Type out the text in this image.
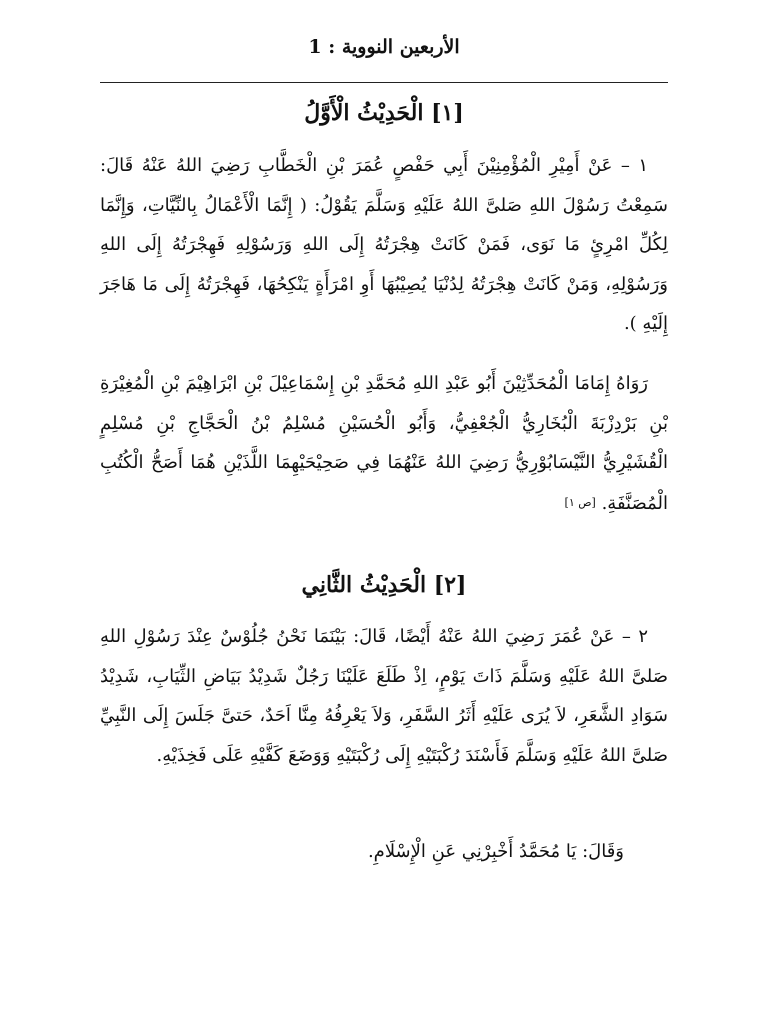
الأربعين النووية : 1
[١] الْحَدِيْثُ الْأَوَّلُ

١ – عَنْ أَمِيْرِ الْمُؤْمِنِيْنَ أَبِي حَفْصٍ عُمَرَ بْنِ الْخَطَّابِ رَضِيَ اللهُ عَنْهُ قَالَ: سَمِعْتُ رَسُوْلَ اللهِ صَلىَّ اللهُ عَلَيْهِ وَسَلَّمَ يَقُوْلُ: ( إِنَّمَا الْأَعْمَالُ بِالنِّيَّاتِ، وَإِنَّمَا لِكُلِّ امْرِئٍ مَا نَوَى، فَمَنْ كَانَتْ هِجْرَتُهُ إِلَى اللهِ وَرَسُوْلِهِ فَهِجْرَتُهُ إِلَى اللهِ وَرَسُوْلِهِ، وَمَنْ كَانَتْ هِجْرَتُهُ لِدُنْيَا يُصِيْبُهَا أَوِ امْرَأَةٍ يَنْكِحُهَا، فَهِجْرَتُهُ إِلَى مَا هَاجَرَ إِلَيْهِ ).

رَوَاهُ إِمَامَا الْمُحَدِّثِيْنَ أَبُو عَبْدِ اللهِ مُحَمَّدِ بْنِ إِسْمَاعِيْلَ بْنِ ابْرَاهِيْمَ بْنِ الْمُغِيْرَةِ بْنِ بَرْدِزْبَةَ الْبُخَارِيُّ الْجُعْفِيُّ، وَأَبُو الْحُسَيْنِ مُسْلِمُ بْنُ الْحَجَّاجِ بْنِ مُسْلِمٍ الْقُشَيْرِيُّ النَّيْسَابُوْرِيُّ رَضِيَ اللهُ عَنْهُمَا فِي صَحِيْحَيْهِمَا اللَّذَيْنِ هُمَا أَصَحُّ الْكُتُبِ الْمُصَنَّفَةِ. [ص ١]

[٢] الْحَدِيْثُ الثَّانِي

٢ – عَنْ عُمَرَ رَضِيَ اللهُ عَنْهُ أَيْضًا، قَالَ: بَيْنَمَا نَحْنُ جُلُوْسٌ عِنْدَ رَسُوْلِ اللهِ صَلىَّ اللهُ عَلَيْهِ وَسَلَّمَ ذَاتَ يَوْمٍ، اِذْ طَلَعَ عَلَيْنَا رَجُلٌ شَدِيْدُ بَيَاضِ الثِّيَابِ، شَدِيْدُ سَوَادِ الشَّعَرِ، لاَ يُرَى عَلَيْهِ أَثَرُ السَّفَرِ، وَلاَ يَعْرِفُهُ مِنَّا اَحَدٌ، حَتىَّ جَلَسَ إِلَى النَّبِيِّ صَلىَّ اللهُ عَلَيْهِ وَسَلَّمَ فَأَسْنَدَ رُكْبَتَيْهِ إِلَى رُكْبَتَيْهِ وَوَضَعَ كَفَّيْهِ عَلَى فَخِذَيْهِ.

وَقَالَ: يَا مُحَمَّدُ أَخْبِرْنِي عَنِ الْإِسْلَامِ.
